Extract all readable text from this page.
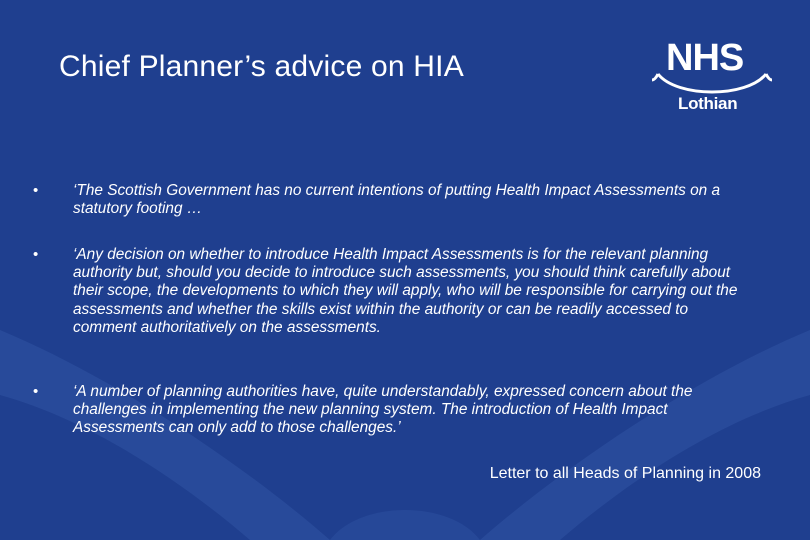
Chief Planner’s advice on HIA	NHS
Lothian
• ‘The Scottish Government has no current intentions of putting Health Impact Assessments on a statutory footing …
• ‘Any decision on whether to introduce Health Impact Assessments is for the relevant planning authority but, should you decide to introduce such assessments, you should think carefully about their scope, the developments to which they will apply, who will be responsible for carrying out the assessments and whether the skills exist within the authority or can be readily accessed to comment authoritatively on the assessments.
• ‘A number of planning authorities have, quite understandably, expressed concern about the challenges in implementing the new planning system. The introduction of Health Impact Assessments can only add to those challenges.’
Letter to all Heads of Planning in 2008
